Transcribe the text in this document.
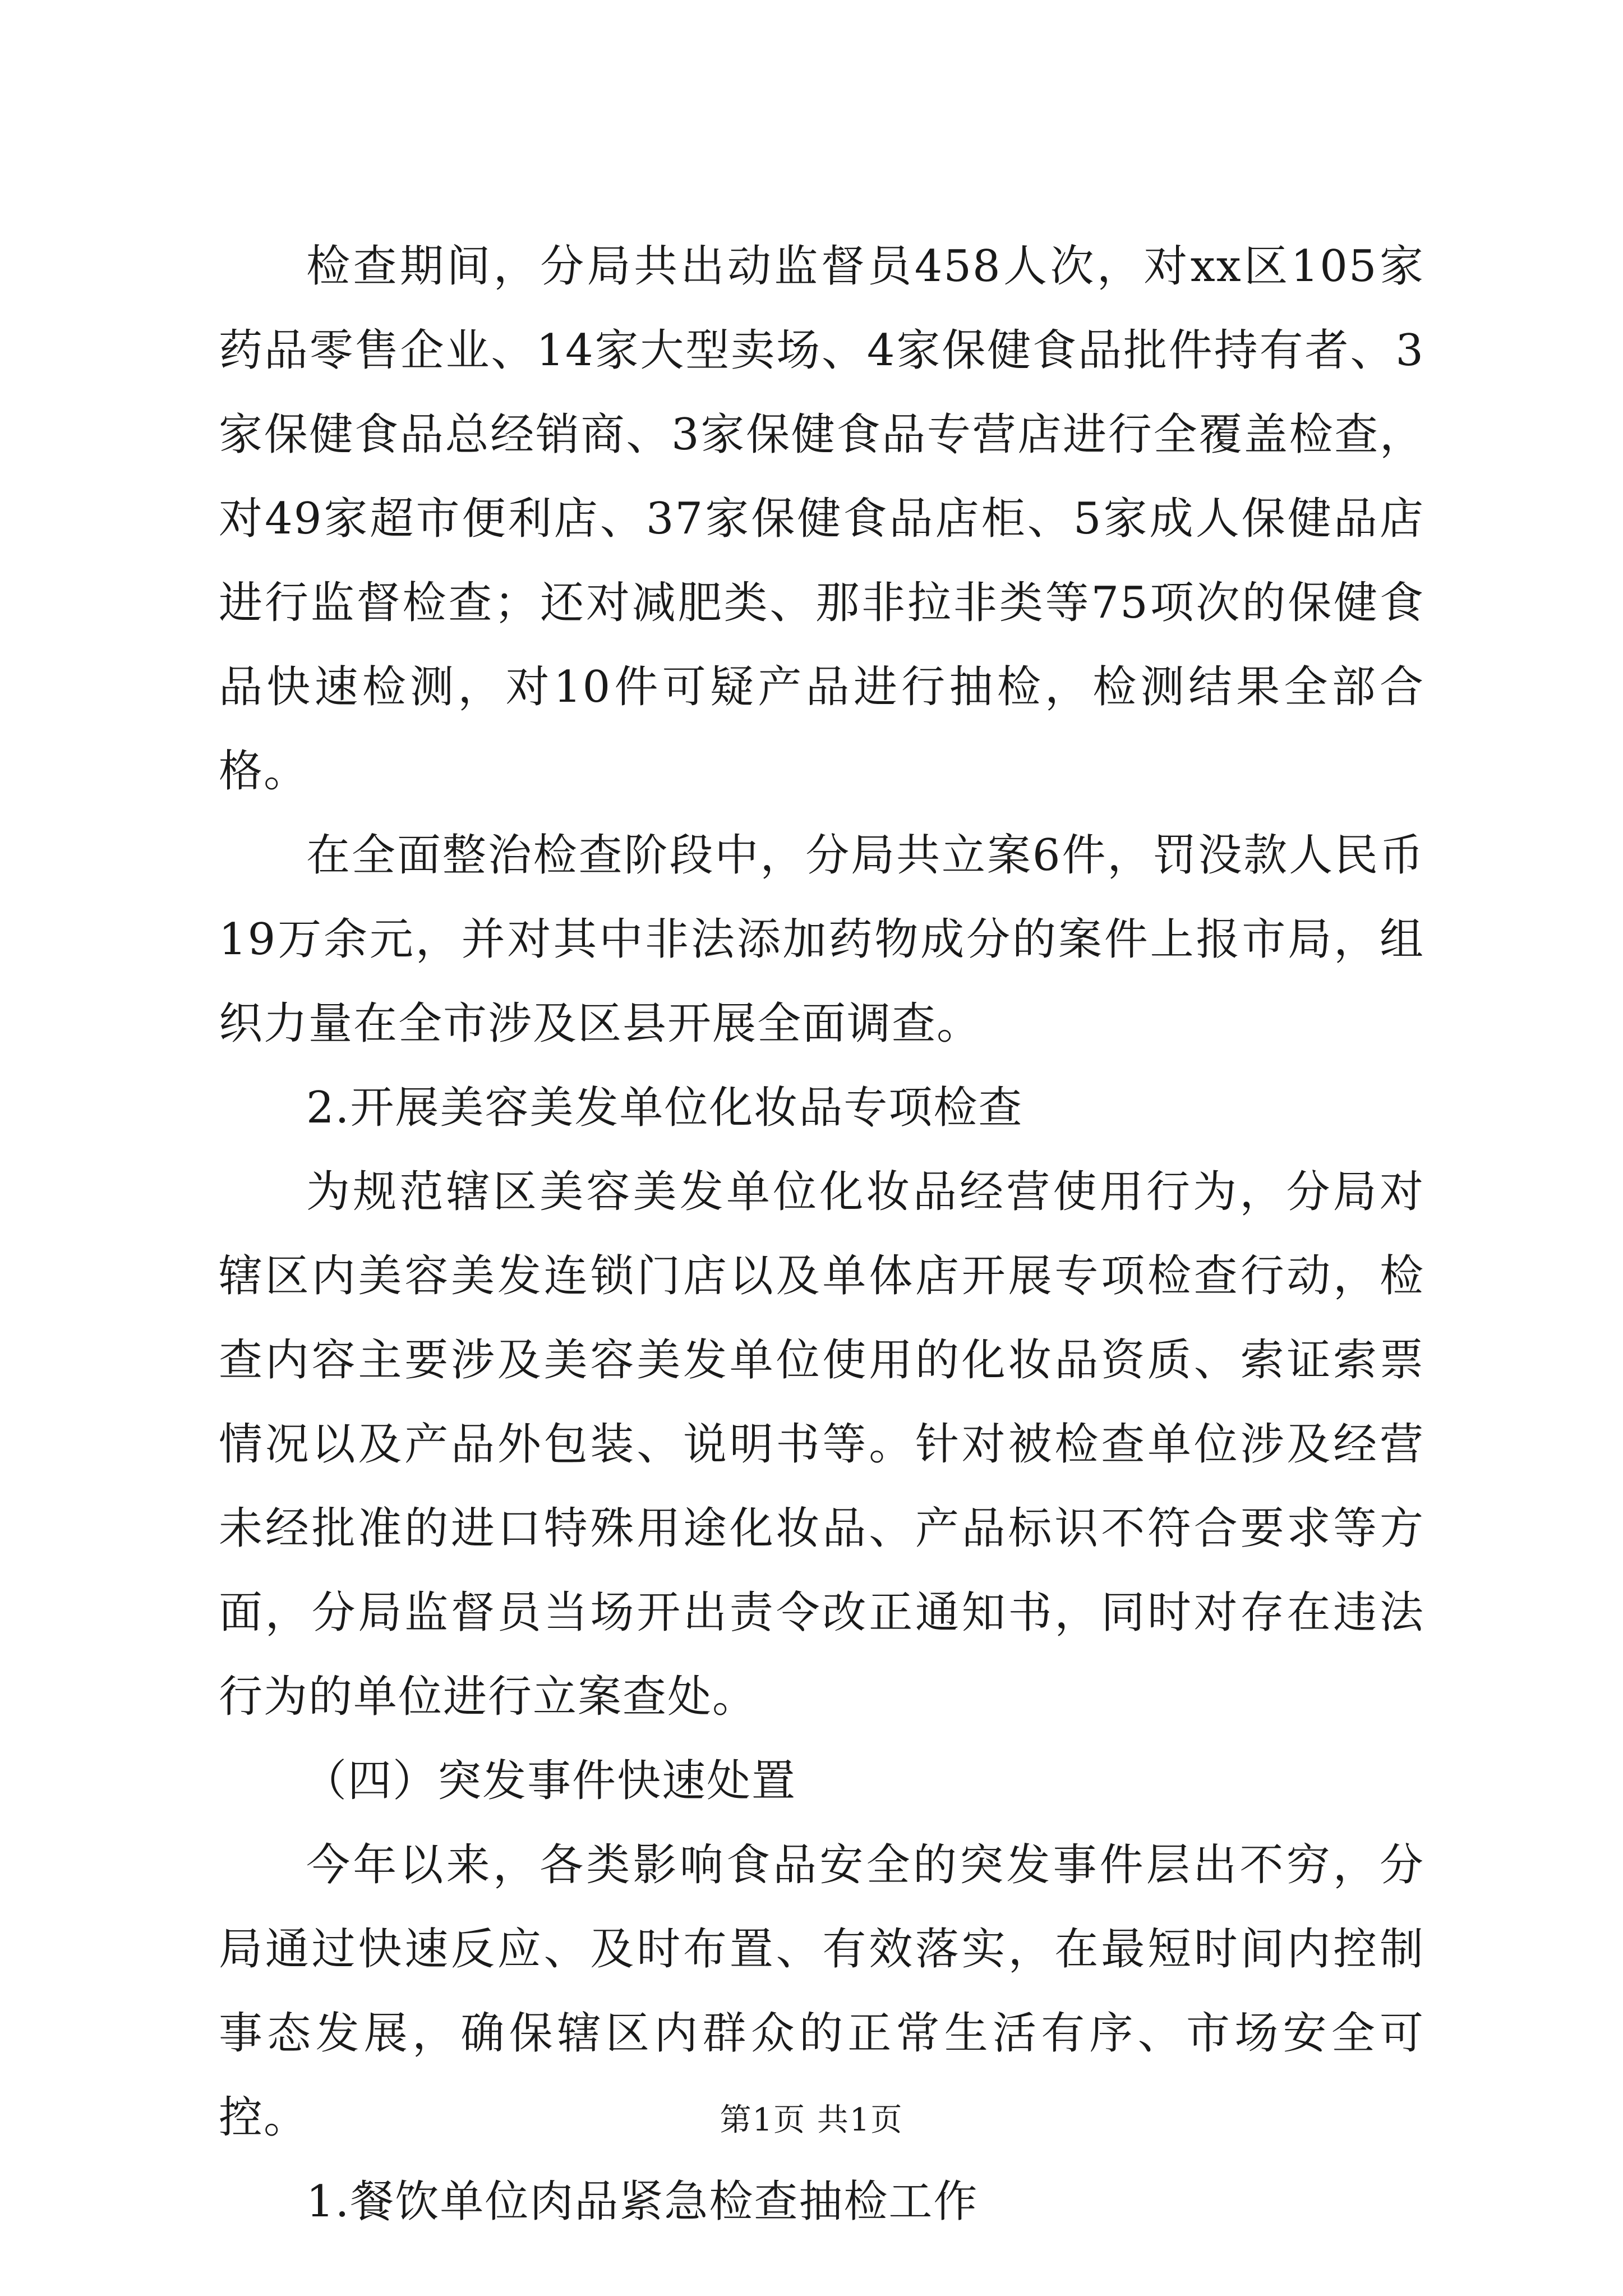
检查期间，分局共出动监督员458人次，对xx区105家药品零售企业、14家大型卖场、4家保健食品批件持有者、3家保健食品总经销商、3家保健食品专营店进行全覆盖检查，对49家超市便利店、37家保健食品店柜、5家成人保健品店进行监督检查；还对减肥类、那非拉非类等75项次的保健食品快速检测，对10件可疑产品进行抽检，检测结果全部合格。

在全面整治检查阶段中，分局共立案6件，罚没款人民币19万余元，并对其中非法添加药物成分的案件上报市局，组织力量在全市涉及区县开展全面调查。

2.开展美容美发单位化妆品专项检查

为规范辖区美容美发单位化妆品经营使用行为，分局对辖区内美容美发连锁门店以及单体店开展专项检查行动，检查内容主要涉及美容美发单位使用的化妆品资质、索证索票情况以及产品外包装、说明书等。针对被检查单位涉及经营未经批准的进口特殊用途化妆品、产品标识不符合要求等方面，分局监督员当场开出责令改正通知书，同时对存在违法行为的单位进行立案查处。

（四）突发事件快速处置

今年以来，各类影响食品安全的突发事件层出不穷，分局通过快速反应、及时布置、有效落实，在最短时间内控制事态发展，确保辖区内群众的正常生活有序、市场安全可控。

1.餐饮单位肉品紧急检查抽检工作

第1页 共1页
